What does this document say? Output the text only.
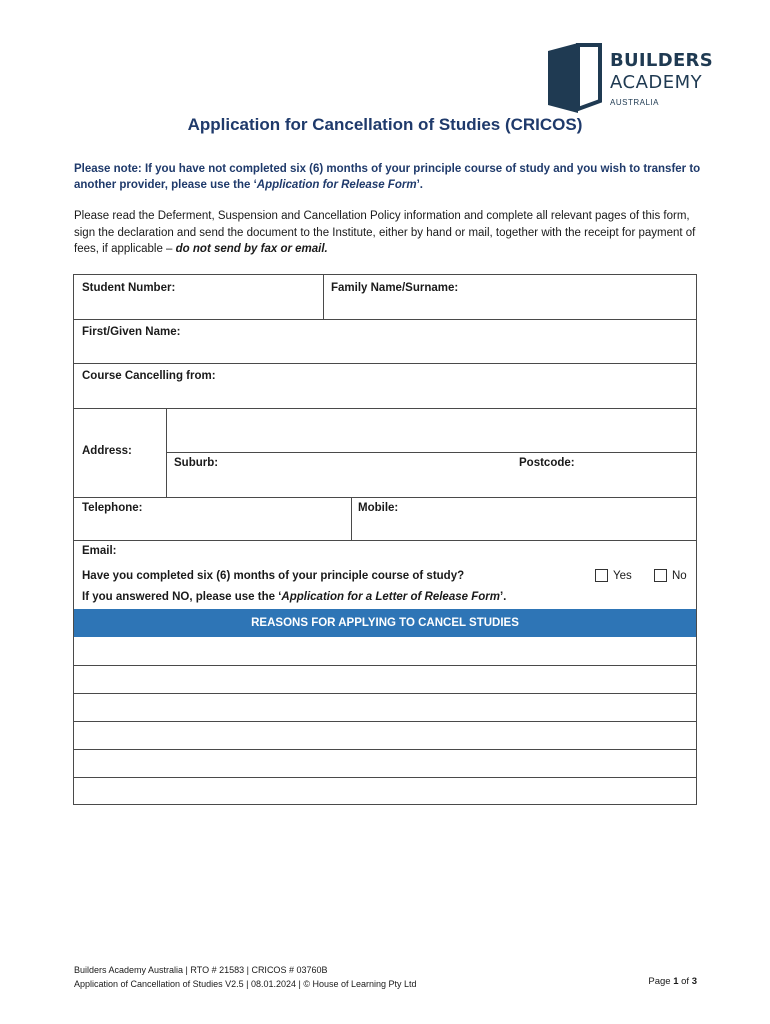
BUILDERS
ACADEMY
AUSTRALIA
Application for Cancellation of Studies (CRICOS)
Please note: If you have not completed six (6) months of your principle course of study and you wish to transfer to another provider, please use the ‘Application for Release Form’.
Please read the Deferment, Suspension and Cancellation Policy information and complete all relevant pages of this form, sign the declaration and send the document to the Institute, either by hand or mail, together with the receipt for payment of fees, if applicable – do not send by fax or email.
Student Number:	Family Name/Surname:
First/Given Name:
Course Cancelling from:
Address:
Suburb:	Postcode:
Telephone:	Mobile:
Email:
Have you completed six (6) months of your principle course of study?	Yes	No
If you answered NO, please use the ‘Application for a Letter of Release Form’.
REASONS FOR APPLYING TO CANCEL STUDIES
Builders Academy Australia | RTO # 21583 | CRICOS # 03760B
Application of Cancellation of Studies V2.5 | 08.01.2024 | © House of Learning Pty Ltd	Page 1 of 3
